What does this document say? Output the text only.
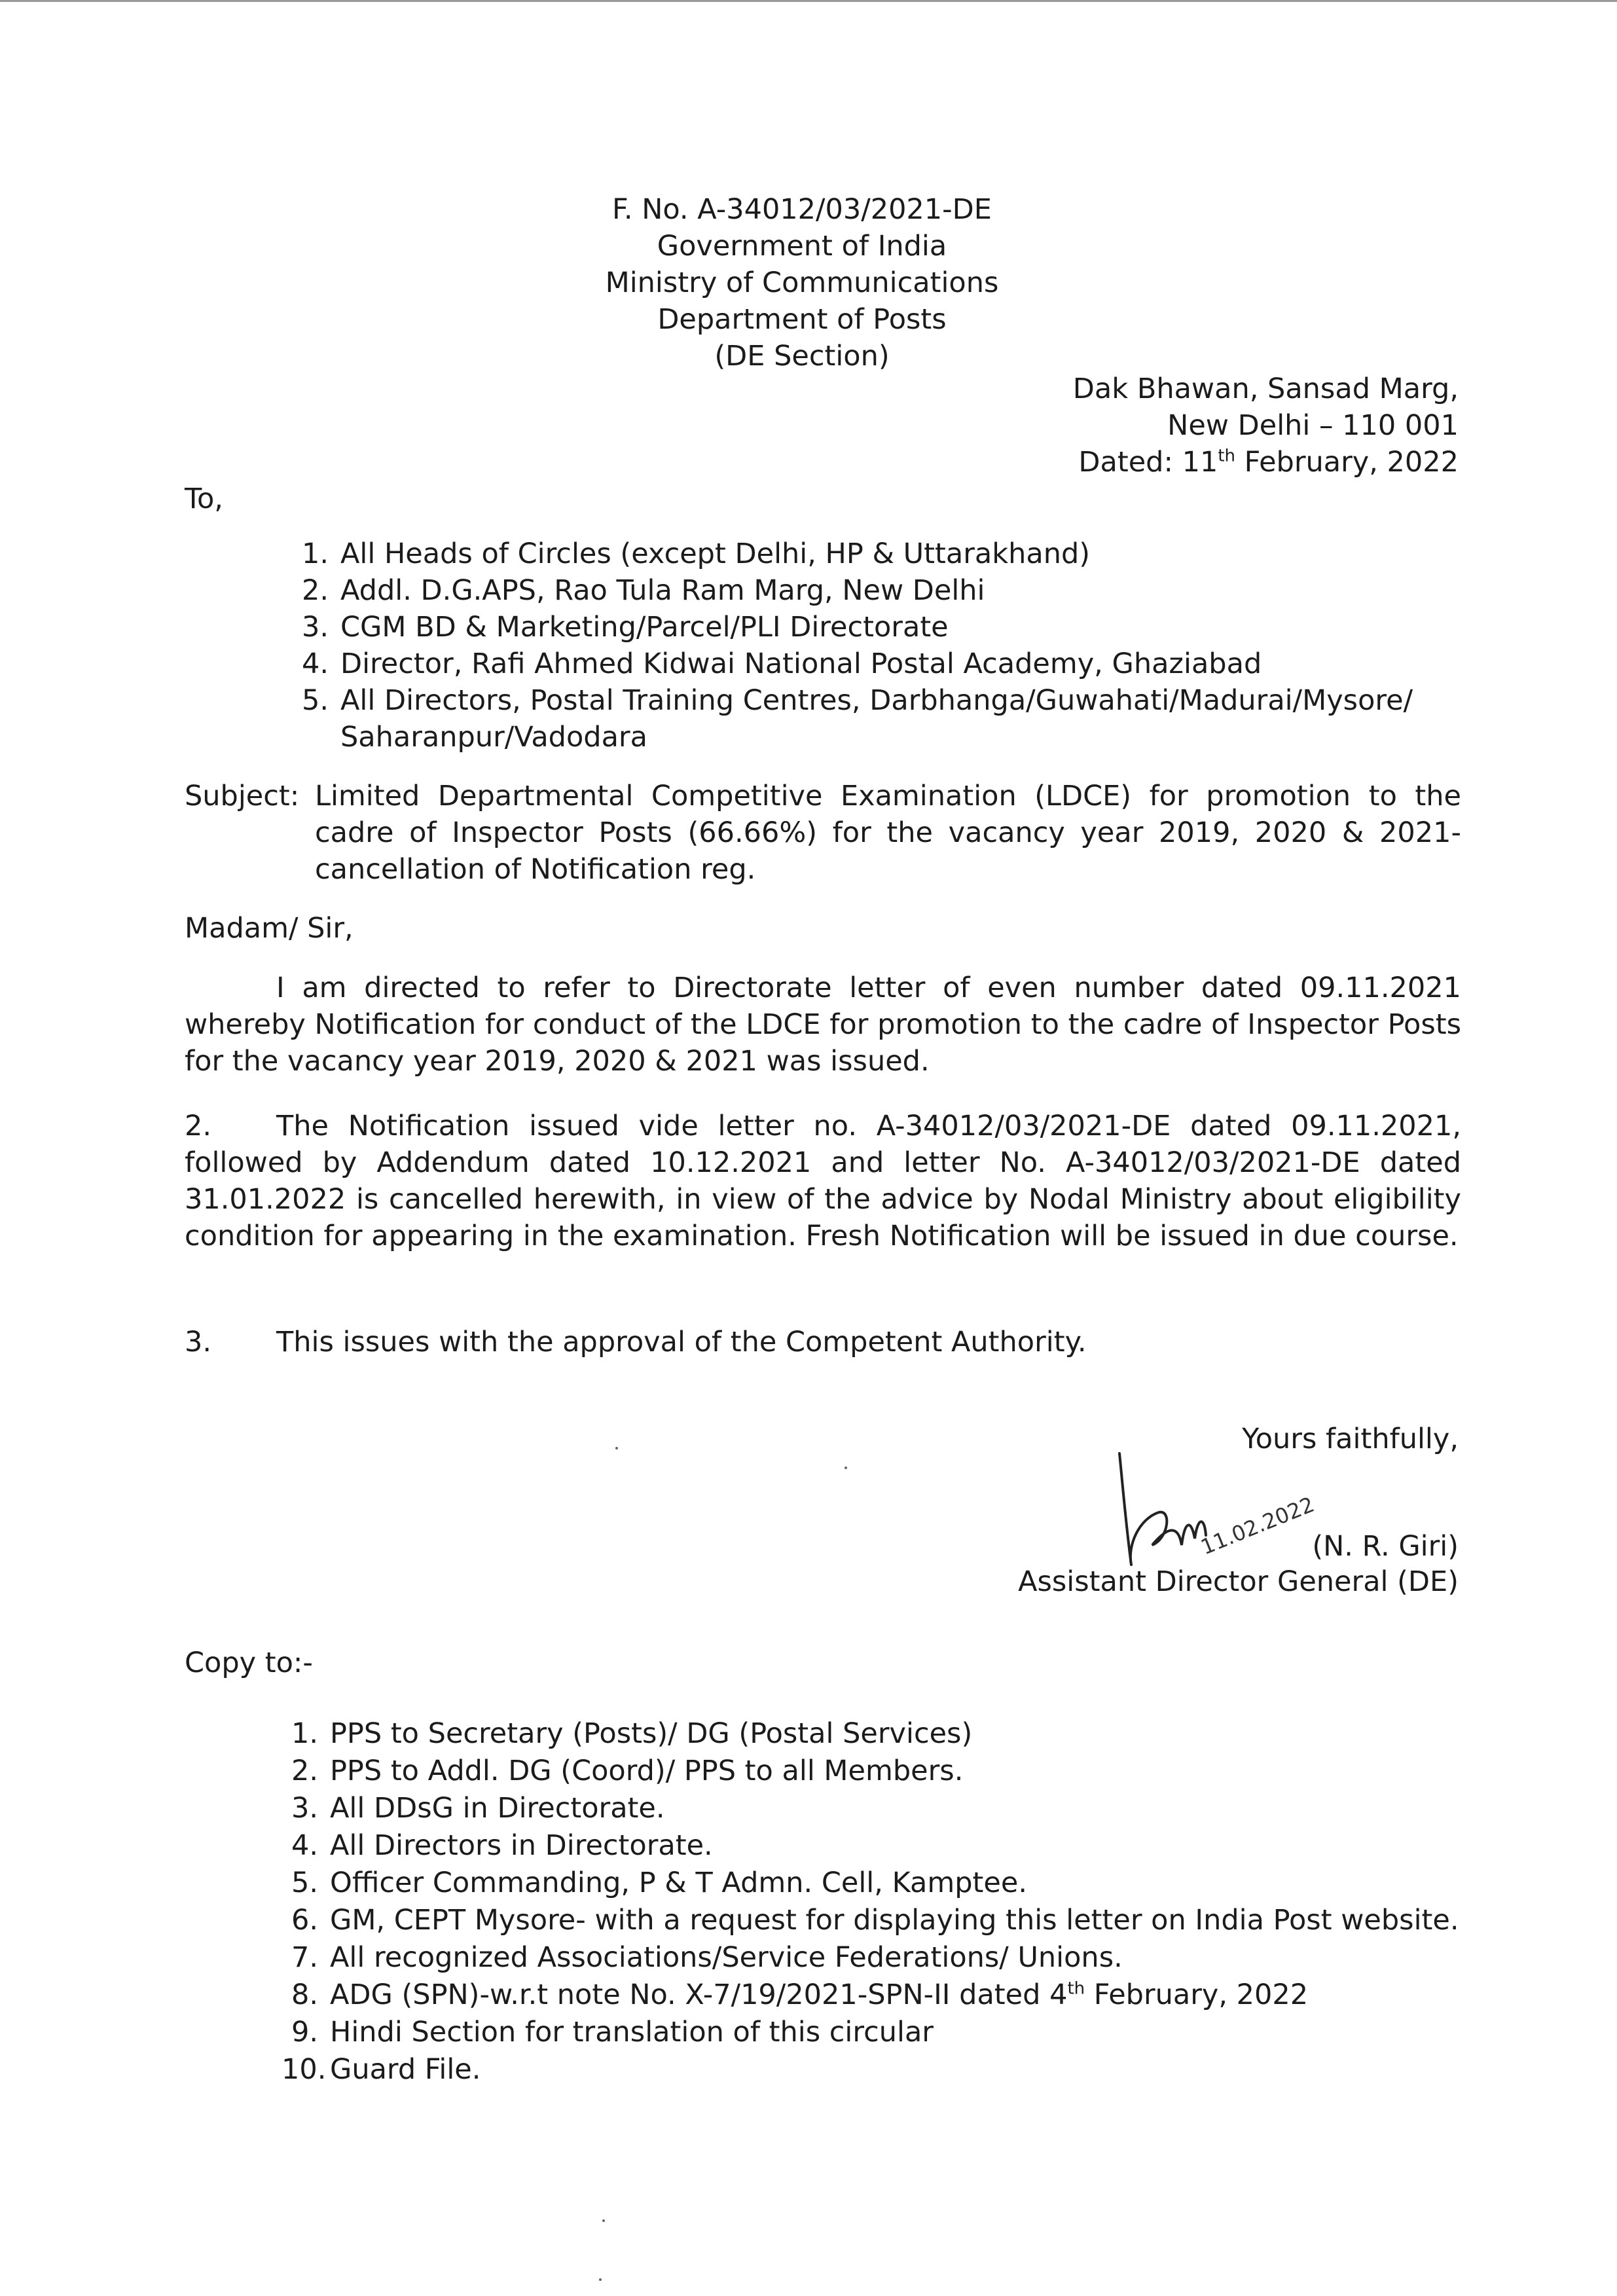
F. No. A-34012/03/2021-DE
Government of India
Ministry of Communications
Department of Posts
(DE Section)
Dak Bhawan, Sansad Marg,
New Delhi – 110 001
Dated: 11th February, 2022
To,
1. All Heads of Circles (except Delhi, HP & Uttarakhand)
2. Addl. D.G.APS, Rao Tula Ram Marg, New Delhi
3. CGM BD & Marketing/Parcel/PLI Directorate
4. Director, Rafi Ahmed Kidwai National Postal Academy, Ghaziabad
5. All Directors, Postal Training Centres, Darbhanga/Guwahati/Madurai/Mysore/ Saharanpur/Vadodara
Subject: Limited Departmental Competitive Examination (LDCE) for promotion to the cadre of Inspector Posts (66.66%) for the vacancy year 2019, 2020 & 2021- cancellation of Notification reg.
Madam/ Sir,
I am directed to refer to Directorate letter of even number dated 09.11.2021 whereby Notification for conduct of the LDCE for promotion to the cadre of Inspector Posts for the vacancy year 2019, 2020 & 2021 was issued.
2. The Notification issued vide letter no. A-34012/03/2021-DE dated 09.11.2021, followed by Addendum dated 10.12.2021 and letter No. A-34012/03/2021-DE dated 31.01.2022 is cancelled herewith, in view of the advice by Nodal Ministry about eligibility condition for appearing in the examination. Fresh Notification will be issued in due course.
3. This issues with the approval of the Competent Authority.
Yours faithfully,
11.02.2022
(N. R. Giri)
Assistant Director General (DE)
Copy to:-
1. PPS to Secretary (Posts)/ DG (Postal Services)
2. PPS to Addl. DG (Coord)/ PPS to all Members.
3. All DDsG in Directorate.
4. All Directors in Directorate.
5. Officer Commanding, P & T Admn. Cell, Kamptee.
6. GM, CEPT Mysore- with a request for displaying this letter on India Post website.
7. All recognized Associations/Service Federations/ Unions.
8. ADG (SPN)-w.r.t note No. X-7/19/2021-SPN-II dated 4th February, 2022
9. Hindi Section for translation of this circular
10. Guard File.
